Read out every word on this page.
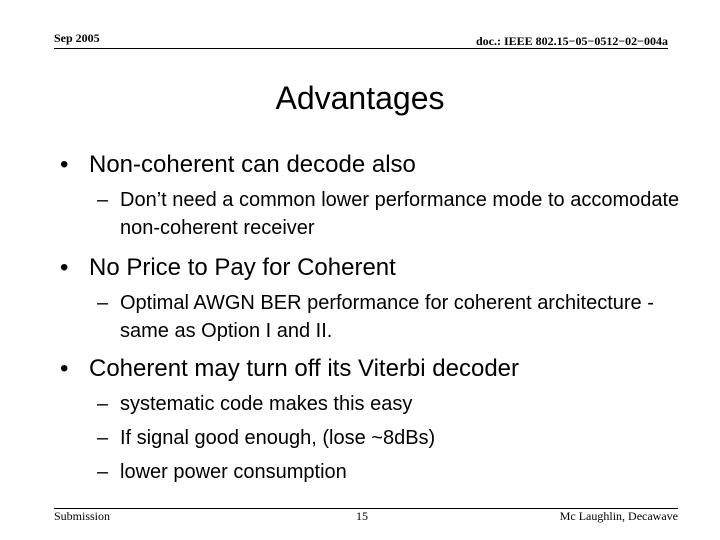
Sep 2005	doc.: IEEE 802.15−05−0512−02−004a
Advantages
• Non-coherent can decode also
– Don’t need a common lower performance mode to accomodate non-coherent receiver
• No Price to Pay for Coherent
– Optimal AWGN BER performance for coherent architecture - same as Option I and II.
• Coherent may turn off its Viterbi decoder
– systematic code makes this easy
– If signal good enough, (lose ~8dBs)
– lower power consumption
Submission	15	Mc Laughlin, Decawave
